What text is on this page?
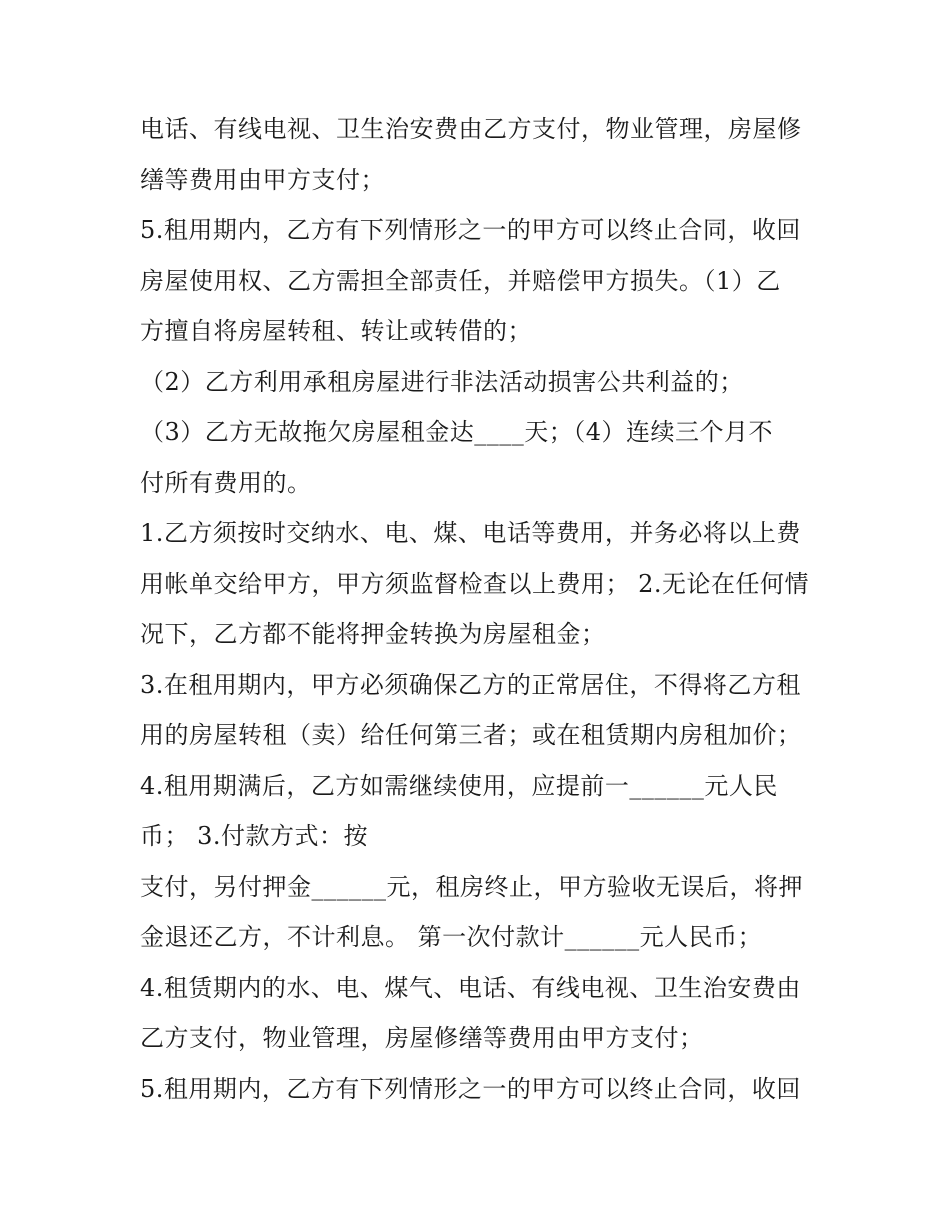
电话、有线电视、卫生治安费由乙方支付，物业管理，房屋修
缮等费用由甲方支付；
5.租用期内，乙方有下列情形之一的甲方可以终止合同，收回
房屋使用权、乙方需担全部责任，并赔偿甲方损失。（1）乙
方擅自将房屋转租、转让或转借的；
（2）乙方利用承租房屋进行非法活动损害公共利益的；
（3）乙方无故拖欠房屋租金达____天；（4）连续三个月不
付所有费用的。
1.乙方须按时交纳水、电、煤、电话等费用，并务必将以上费
用帐单交给甲方，甲方须监督检查以上费用； 2.无论在任何情
况下，乙方都不能将押金转换为房屋租金；
3.在租用期内，甲方必须确保乙方的正常居住，不得将乙方租
用的房屋转租（卖）给任何第三者；或在租赁期内房租加价；
4.租用期满后，乙方如需继续使用，应提前一______元人民
币； 3.付款方式：按
支付，另付押金______元，租房终止，甲方验收无误后，将押
金退还乙方，不计利息。 第一次付款计______元人民币；
4.租赁期内的水、电、煤气、电话、有线电视、卫生治安费由
乙方支付，物业管理，房屋修缮等费用由甲方支付；
5.租用期内，乙方有下列情形之一的甲方可以终止合同，收回
